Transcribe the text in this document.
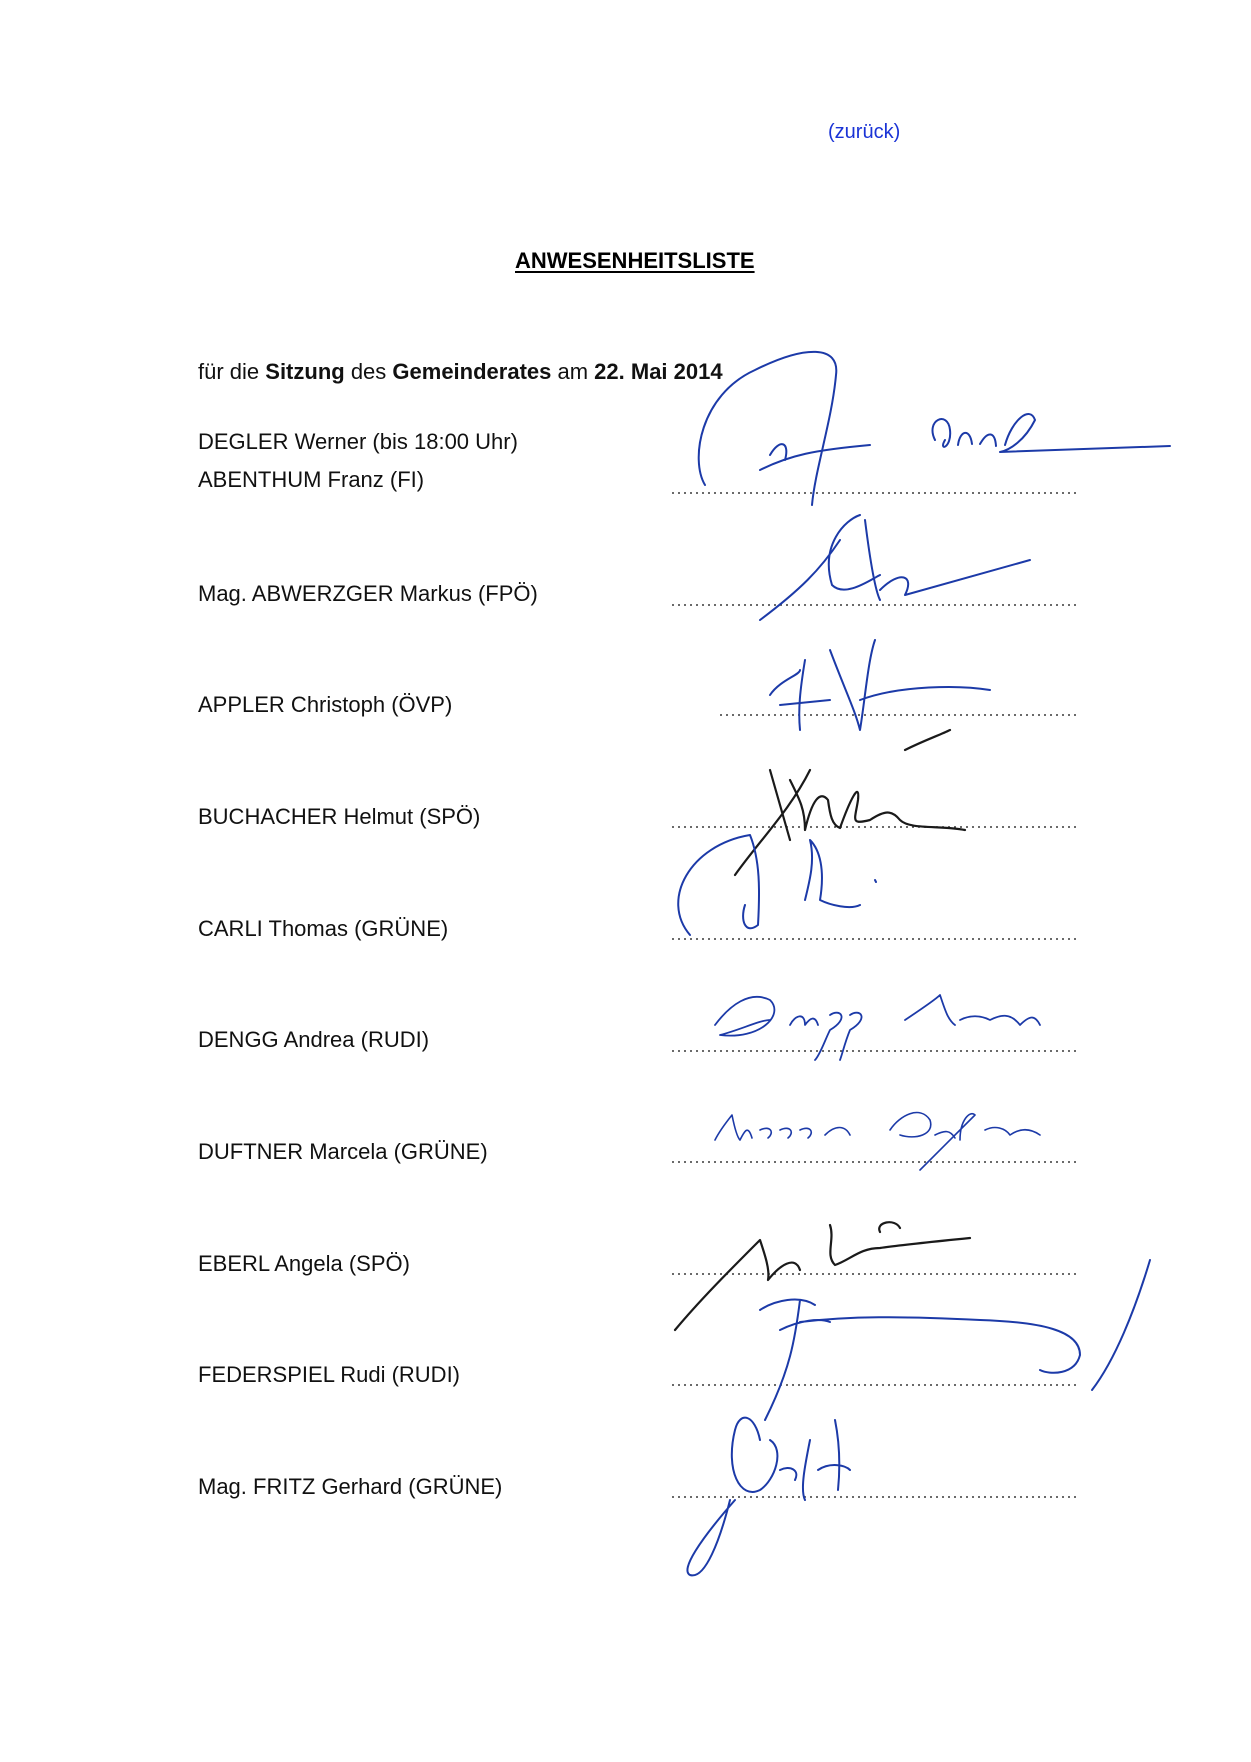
(zurück)
ANWESENHEITSLISTE
für die Sitzung des Gemeinderates am 22. Mai 2014
DEGLER Werner (bis 18:00 Uhr)
ABENTHUM Franz (FI)
Mag. ABWERZGER Markus (FPÖ)
APPLER Christoph (ÖVP)
BUCHACHER Helmut (SPÖ)
CARLI Thomas (GRÜNE)
DENGG Andrea (RUDI)
DUFTNER Marcela (GRÜNE)
EBERL Angela (SPÖ)
FEDERSPIEL Rudi (RUDI)
Mag. FRITZ Gerhard (GRÜNE)
